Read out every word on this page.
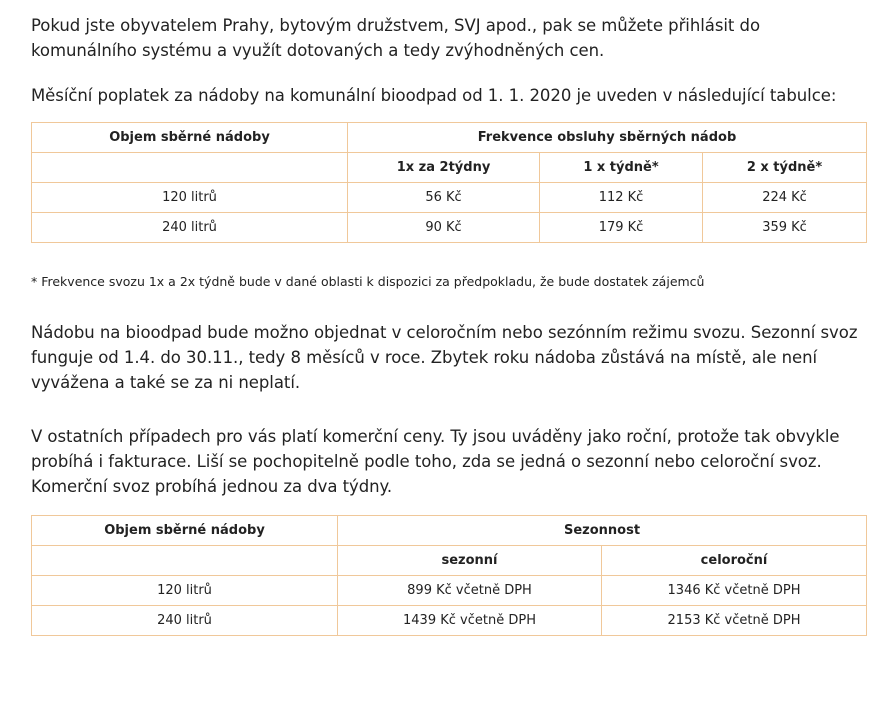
Pokud jste obyvatelem Prahy, bytovým družstvem, SVJ apod., pak se můžete přihlásit do komunálního systému a využít dotovaných a tedy zvýhodněných cen.

Měsíční poplatek za nádoby na komunální bioodpad od 1. 1. 2020 je uveden v následující tabulce:

Objem sběrné nádoby	Frekvence obsluhy sběrných nádob		
	1x za 2týdny	1 x týdně*	2 x týdně*
120 litrů	56 Kč	112 Kč	224 Kč
240 litrů	90 Kč	179 Kč	359 Kč

* Frekvence svozu 1x a 2x týdně bude v dané oblasti k dispozici za předpokladu, že bude dostatek zájemců

Nádobu na bioodpad bude možno objednat v celoročním nebo sezónním režimu svozu. Sezonní svoz funguje od 1.4. do 30.11., tedy 8 měsíců v roce. Zbytek roku nádoba zůstává na místě, ale není vyvážena a také se za ni neplatí.

V ostatních případech pro vás platí komerční ceny. Ty jsou uváděny jako roční, protože tak obvykle probíhá i fakturace. Liší se pochopitelně podle toho, zda se jedná o sezonní nebo celoroční svoz. Komerční svoz probíhá jednou za dva týdny.

Objem sběrné nádoby	Sezonnost	
	sezonní	celoroční
120 litrů	899 Kč včetně DPH	1346 Kč včetně DPH
240 litrů	1439 Kč včetně DPH	2153 Kč včetně DPH
